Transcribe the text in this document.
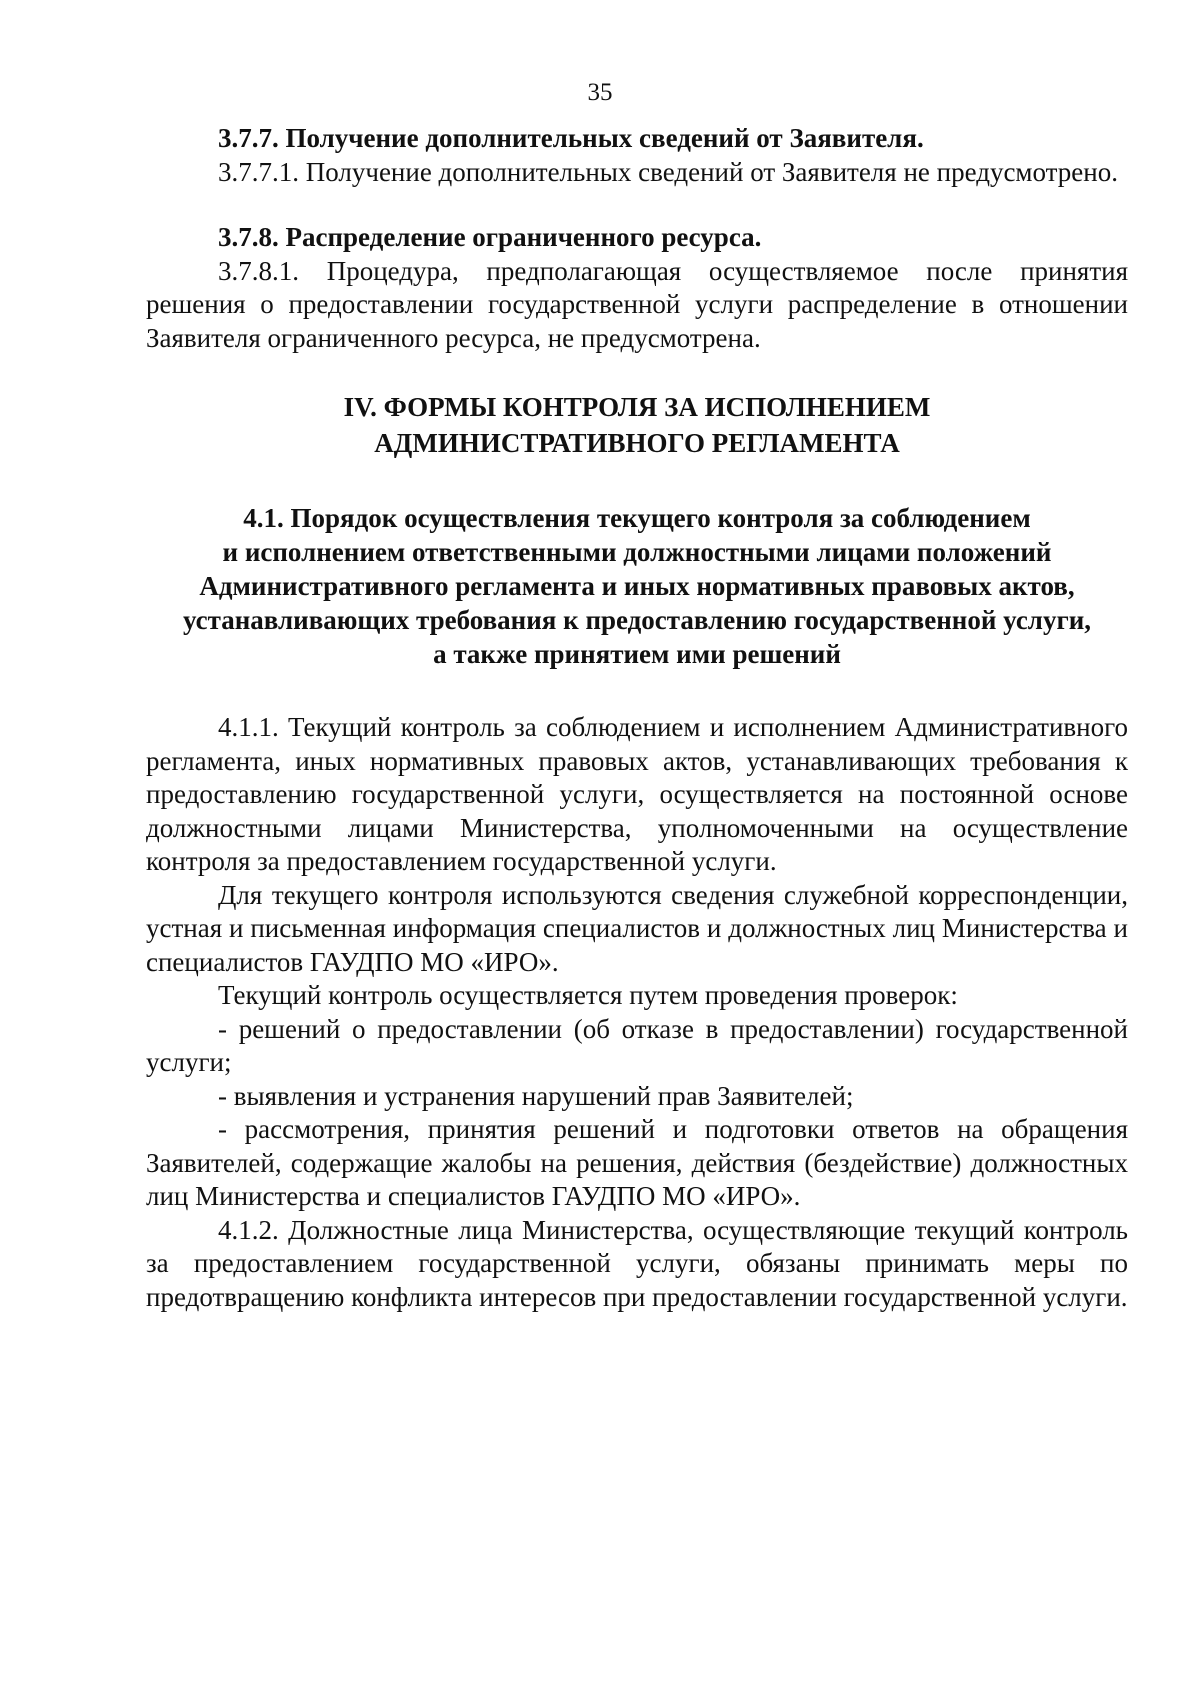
35

3.7.7. Получение дополнительных сведений от Заявителя.

3.7.7.1. Получение дополнительных сведений от Заявителя не предусмотрено.

3.7.8. Распределение ограниченного ресурса.

3.7.8.1. Процедура, предполагающая осуществляемое после принятия решения о предоставлении государственной услуги распределение в отношении Заявителя ограниченного ресурса, не предусмотрена.

IV. ФОРМЫ КОНТРОЛЯ ЗА ИСПОЛНЕНИЕМ
АДМИНИСТРАТИВНОГО РЕГЛАМЕНТА
4.1. Порядок осуществления текущего контроля за соблюдением
и исполнением ответственными должностными лицами положений
Административного регламента и иных нормативных правовых актов,
устанавливающих требования к предоставлению государственной услуги,
а также принятием ими решений

4.1.1. Текущий контроль за соблюдением и исполнением Административного регламента, иных нормативных правовых актов, устанавливающих требования к предоставлению государственной услуги, осуществляется на постоянной основе должностными лицами Министерства, уполномоченными на осуществление контроля за предоставлением государственной услуги.

Для текущего контроля используются сведения служебной корреспонденции, устная и письменная информация специалистов и должностных лиц Министерства и специалистов ГАУДПО МО «ИРО».

Текущий контроль осуществляется путем проведения проверок:

- решений о предоставлении (об отказе в предоставлении) государственной услуги;

- выявления и устранения нарушений прав Заявителей;

- рассмотрения, принятия решений и подготовки ответов на обращения Заявителей, содержащие жалобы на решения, действия (бездействие) должностных лиц Министерства и специалистов ГАУДПО МО «ИРО».

4.1.2. Должностные лица Министерства, осуществляющие текущий контроль за предоставлением государственной услуги, обязаны принимать меры по предотвращению конфликта интересов при предоставлении государственной услуги.
